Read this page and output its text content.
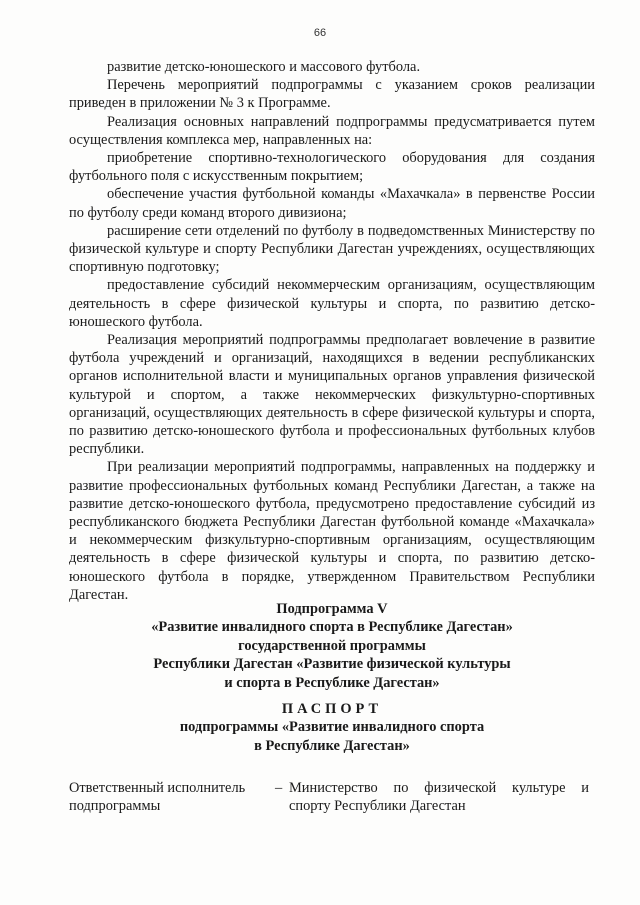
66

развитие детско-юношеского и массового футбола.

Перечень мероприятий подпрограммы с указанием сроков реализации приведен в приложении № 3 к Программе.

Реализация основных направлений подпрограммы предусматривается путем осуществления комплекса мер, направленных на:

приобретение спортивно-технологического оборудования для создания футбольного поля с искусственным покрытием;

обеспечение участия футбольной команды «Махачкала» в первенстве России по футболу среди команд второго дивизиона;

расширение сети отделений по футболу в подведомственных Министерству по физической культуре и спорту Республики Дагестан учреждениях, осуществляющих спортивную подготовку;

предоставление субсидий некоммерческим организациям, осуществляющим деятельность в сфере физической культуры и спорта, по развитию детско-юношеского футбола.

Реализация мероприятий подпрограммы предполагает вовлечение в развитие футбола учреждений и организаций, находящихся в ведении республиканских органов исполнительной власти и муниципальных органов управления физической культурой и спортом, а также некоммерческих физкультурно-спортивных организаций, осуществляющих деятельность в сфере физической культуры и спорта, по развитию детско-юношеского футбола и профессиональных футбольных клубов республики.

При реализации мероприятий подпрограммы, направленных на поддержку и развитие профессиональных футбольных команд Республики Дагестан, а также на развитие детско-юношеского футбола, предусмотрено предоставление субсидий из республиканского бюджета Республики Дагестан футбольной команде «Махачкала» и некоммерческим физкультурно-спортивным организациям, осуществляющим деятельность в сфере физической культуры и спорта, по развитию детско-юношеского футбола в порядке, утвержденном Правительством Республики Дагестан.

Подпрограмма V
«Развитие инвалидного спорта в Республике Дагестан»
государственной программы
Республики Дагестан «Развитие физической культуры
и спорта в Республике Дагестан»
ПАСПОРТ
подпрограммы «Развитие инвалидного спорта
в Республике Дагестан»
Ответственный исполнитель подпрограммы
– Министерство по физической культуре и
спорту Республики Дагестан
